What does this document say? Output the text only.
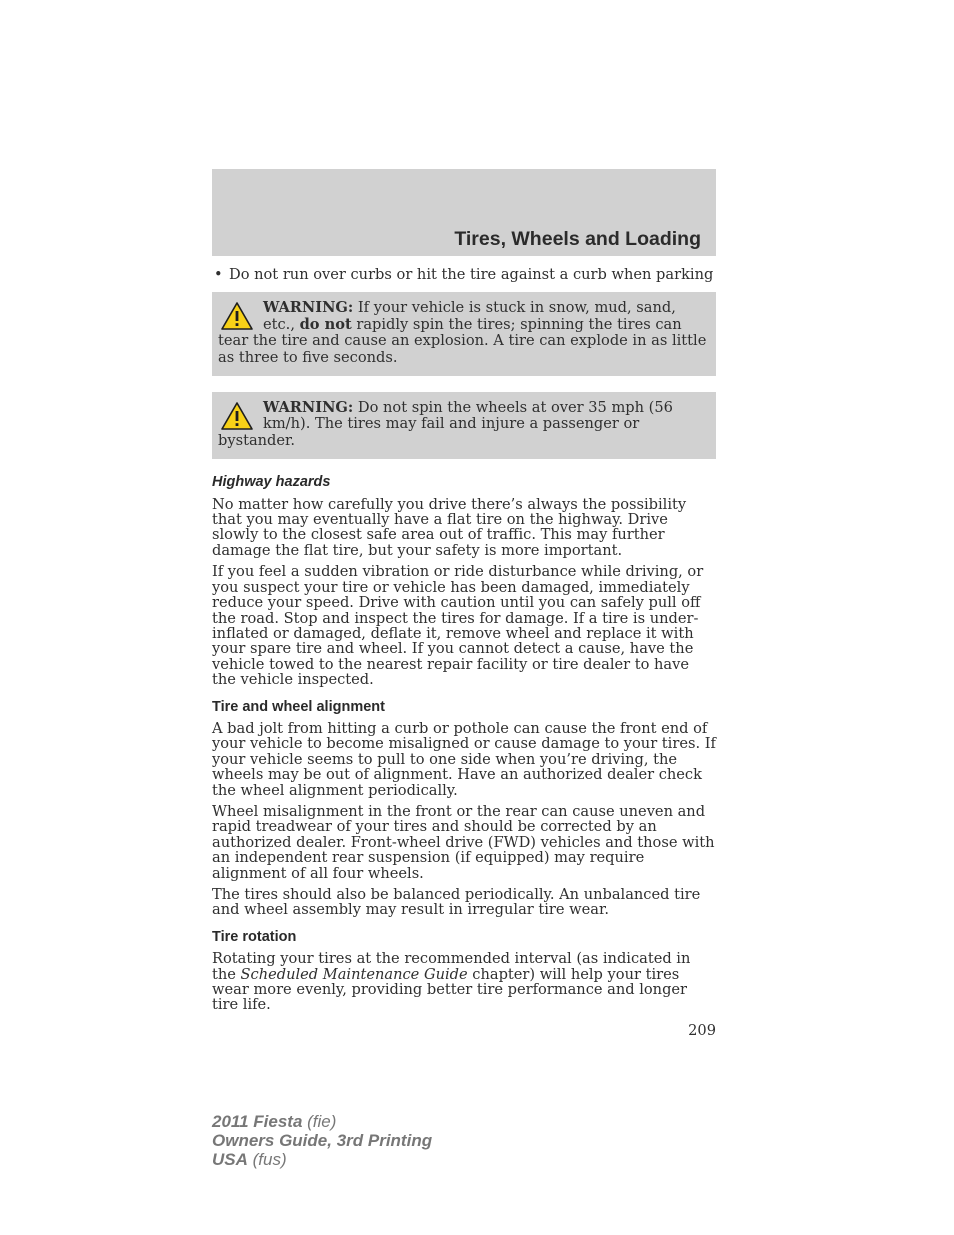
Tires, Wheels and Loading
• Do not run over curbs or hit the tire against a curb when parking
WARNING: If your vehicle is stuck in snow, mud, sand, etc., do not rapidly spin the tires; spinning the tires can tear the tire and cause an explosion. A tire can explode in as little as three to five seconds.
WARNING: Do not spin the wheels at over 35 mph (56 km/h). The tires may fail and injure a passenger or bystander.
Highway hazards

No matter how carefully you drive there’s always the possibility that you may eventually have a flat tire on the highway. Drive slowly to the closest safe area out of traffic. This may further damage the flat tire, but your safety is more important.

If you feel a sudden vibration or ride disturbance while driving, or you suspect your tire or vehicle has been damaged, immediately reduce your speed. Drive with caution until you can safely pull off the road. Stop and inspect the tires for damage. If a tire is under-inflated or damaged, deflate it, remove wheel and replace it with your spare tire and wheel. If you cannot detect a cause, have the vehicle towed to the nearest repair facility or tire dealer to have the vehicle inspected.

Tire and wheel alignment

A bad jolt from hitting a curb or pothole can cause the front end of your vehicle to become misaligned or cause damage to your tires. If your vehicle seems to pull to one side when you’re driving, the wheels may be out of alignment. Have an authorized dealer check the wheel alignment periodically.

Wheel misalignment in the front or the rear can cause uneven and rapid treadwear of your tires and should be corrected by an authorized dealer. Front-wheel drive (FWD) vehicles and those with an independent rear suspension (if equipped) may require alignment of all four wheels.

The tires should also be balanced periodically. An unbalanced tire and wheel assembly may result in irregular tire wear.

Tire rotation

Rotating your tires at the recommended interval (as indicated in the Scheduled Maintenance Guide chapter) will help your tires wear more evenly, providing better tire performance and longer tire life.

209
2011 Fiesta (fie)
Owners Guide, 3rd Printing
USA (fus)
